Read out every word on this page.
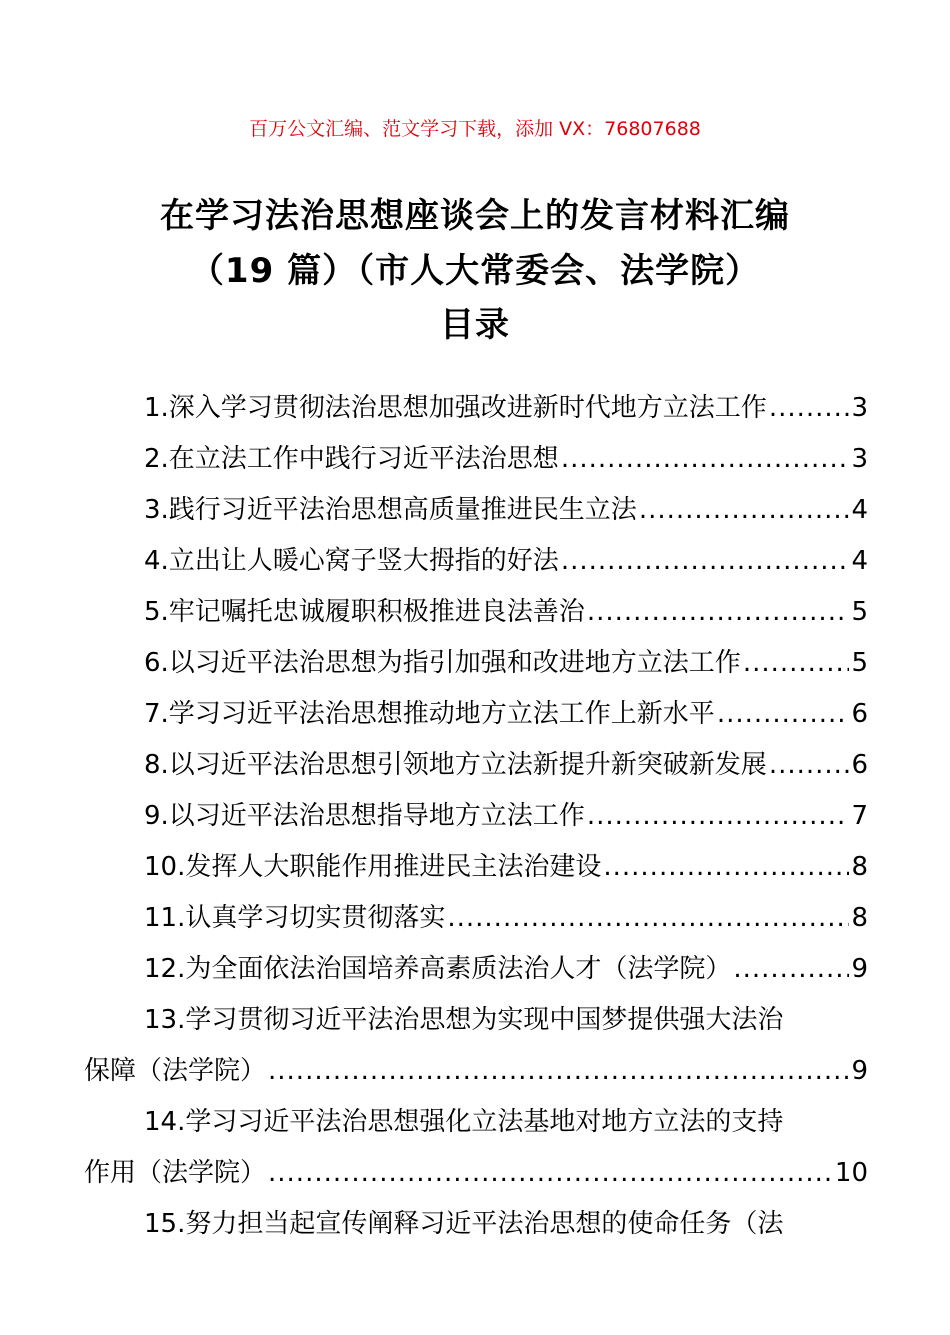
百万公文汇编、范文学习下载，添加 VX：76807688
在学习法治思想座谈会上的发言材料汇编
（19 篇）（市人大常委会、法学院）
目录
1.深入学习贯彻法治思想加强改进新时代地方立法工作 .....	3
2.在立法工作中践行习近平法治思想 .....	3
3.践行习近平法治思想高质量推进民生立法 .....	4
4.立出让人暖心窝子竖大拇指的好法 .....	4
5.牢记嘱托忠诚履职积极推进良法善治 .....	5
6.以习近平法治思想为指引加强和改进地方立法工作 .....	5
7.学习习近平法治思想推动地方立法工作上新水平 .....	6
8.以习近平法治思想引领地方立法新提升新突破新发展 .....	6
9.以习近平法治思想指导地方立法工作 .....	7
10.发挥人大职能作用推进民主法治建设 .....	8
11.认真学习切实贯彻落实 .....	8
12.为全面依法治国培养高素质法治人才（法学院） .....	9
13.学习贯彻习近平法治思想为实现中国梦提供强大法治
保障（法学院） .....	9
14.学习习近平法治思想强化立法基地对地方立法的支持
作用（法学院） .....	10
15.努力担当起宣传阐释习近平法治思想的使命任务（法
